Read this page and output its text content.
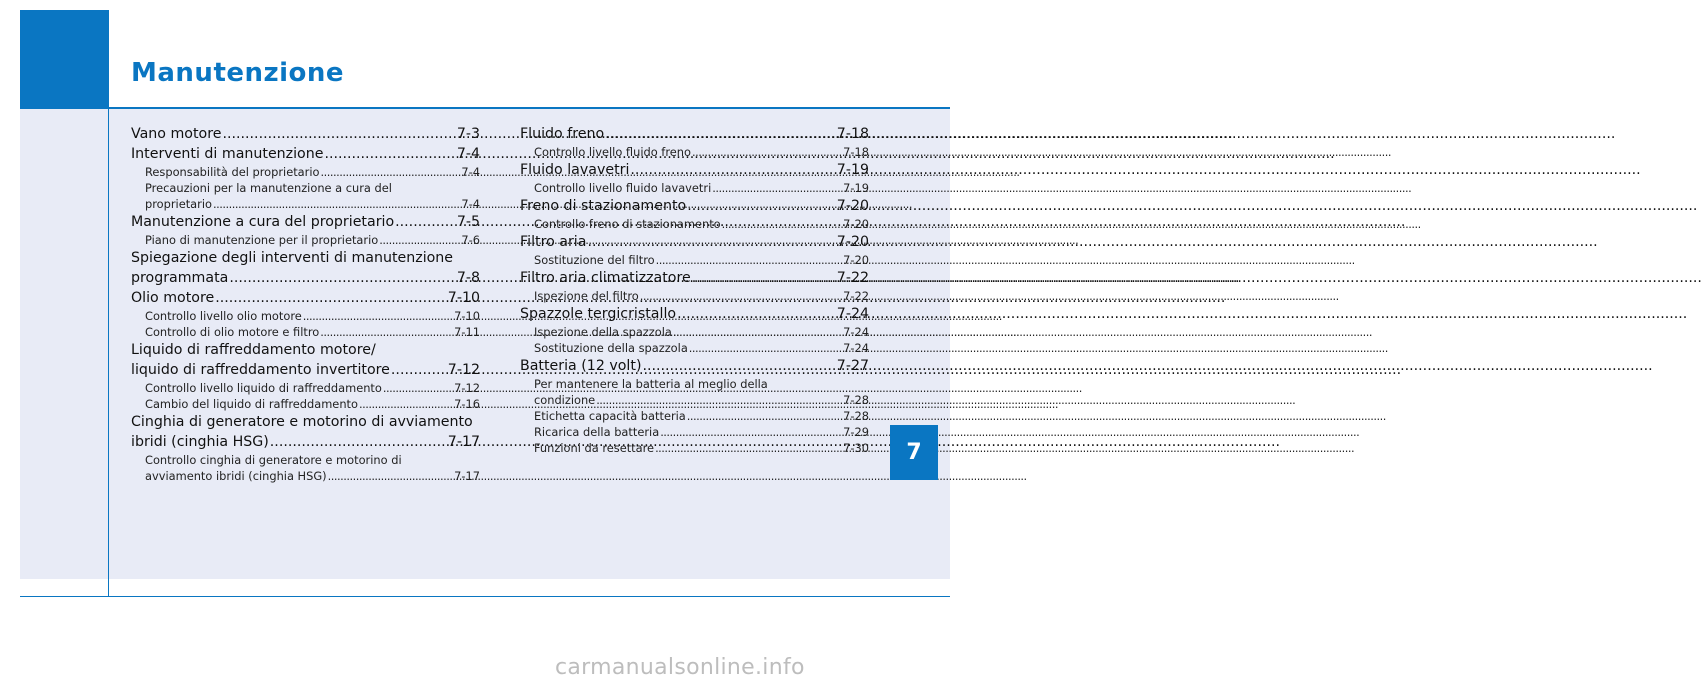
Manutenzione
Vano motore .....	7-3
Interventi di manutenzione .....	7-4
Responsabilità del proprietario .....	7-4
Precauzioni per la manutenzione a cura del
proprietario .....	7-4
Manutenzione a cura del proprietario .....	7-5
Piano di manutenzione per il proprietario .....	7-6
Spiegazione degli interventi di manutenzione
programmata .....	7-8
Olio motore .....	7-10
Controllo livello olio motore .....	7-10
Controllo di olio motore e filtro .....	7-11
Liquido di raffreddamento motore/
liquido di raffreddamento invertitore .....	7-12
Controllo livello liquido di raffreddamento .....	7-12
Cambio del liquido di raffreddamento .....	7-16
Cinghia di generatore e motorino di avviamento
ibridi (cinghia HSG) .....	7-17
Controllo cinghia di generatore e motorino di
avviamento ibridi (cinghia HSG) .....	7-17
Fluido freno .....	7-18
Controllo livello fluido freno .....	7-18
Fluido lavavetri .....	7-19
Controllo livello fluido lavavetri .....	7-19
Freno di stazionamento .....	7-20
Controllo freno di stazionamento .....	7-20
Filtro aria .....	7-20
Sostituzione del filtro .....	7-20
Filtro aria climatizzatore .....	7-22
Ispezione del filtro .....	7-22
Spazzole tergicristallo .....	7-24
Ispezione della spazzola .....	7-24
Sostituzione della spazzola .....	7-24
Batteria (12 volt) .....	7-27
Per mantenere la batteria al meglio della
condizione .....	7-28
Etichetta capacità batteria .....	7-28
Ricarica della batteria .....	7-29
Funzioni da resettare .....	7-30	7
carmanualsonline.info
